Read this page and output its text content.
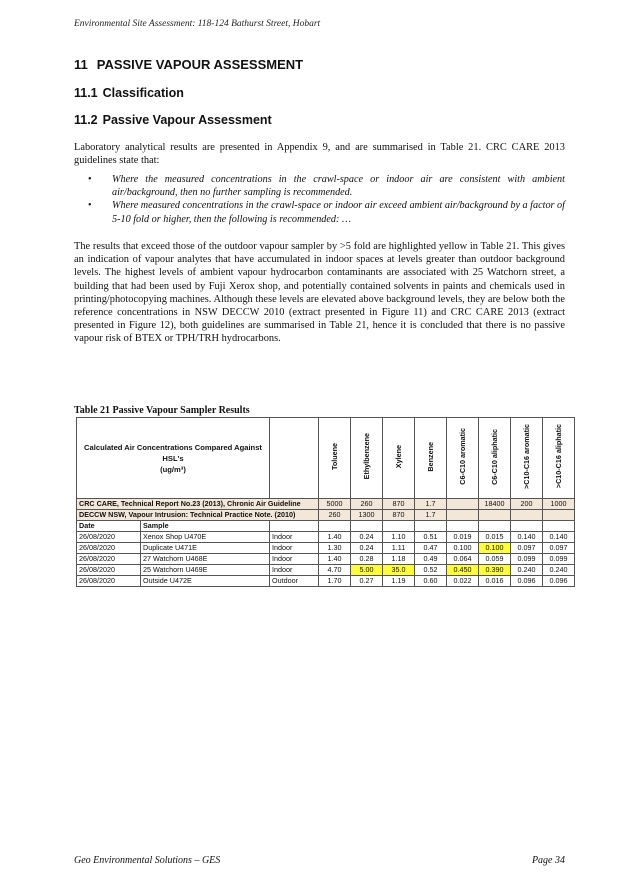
Environmental Site Assessment: 118-124 Bathurst Street, Hobart
11 PASSIVE VAPOUR ASSESSMENT
11.1 Classification
11.2 Passive Vapour Assessment
Laboratory analytical results are presented in Appendix 9, and are summarised in Table 21. CRC CARE 2013 guidelines state that:
• Where the measured concentrations in the crawl-space or indoor air are consistent with ambient air/background, then no further sampling is recommended.
• Where measured concentrations in the crawl-space or indoor air exceed ambient air/background by a factor of 5-10 fold or higher, then the following is recommended: …
The results that exceed those of the outdoor vapour sampler by >5 fold are highlighted yellow in Table 21. This gives an indication of vapour analytes that have accumulated in indoor spaces at levels greater than outdoor background levels. The highest levels of ambient vapour hydrocarbon contaminants are associated with 25 Watchorn street, a building that had been used by Fuji Xerox shop, and potentially contained solvents in paints and chemicals used in printing/photocopying machines. Although these levels are elevated above background levels, they are below both the reference concentrations in NSW DECCW 2010 (extract presented in Figure 11) and CRC CARE 2013 (extract presented in Figure 12), both guidelines are summarised in Table 21, hence it is concluded that there is no passive vapour risk of BTEX or TPH/TRH hydrocarbons.
Table 21 Passive Vapour Sampler Results
Calculated Air Concentrations Compared Against HSL's
(ug/m³)			Toluene	Ethylbenzene	Xylene	Benzene	C6-C10 aromatic	C6-C10 aliphatic	>C10-C16 aromatic	>C10-C16 aliphatic
CRC CARE, Technical Report No.23 (2013), Chronic Air Guideline			5000	260	870	1.7		18400	200	1000
DECCW NSW, Vapour Intrusion: Technical Practice Note. (2010)			260	1300	870	1.7				
Date	Sample									
26/08/2020	Xenox Shop U470E	Indoor	1.40	0.24	1.10	0.51	0.019	0.015	0.140	0.140
26/08/2020	Duplicate U471E	Indoor	1.30	0.24	1.11	0.47	0.100	0.100	0.097	0.097
26/08/2020	27 Watchorn U468E	Indoor	1.40	0.28	1.18	0.49	0.064	0.059	0.099	0.099
26/08/2020	25 Watchorn U469E	Indoor	4.70	5.00	35.0	0.52	0.450	0.390	0.240	0.240
26/08/2020	Outside U472E	Outdoor	1.70	0.27	1.19	0.60	0.022	0.016	0.096	0.096
Geo Environmental Solutions – GES	Page 34
